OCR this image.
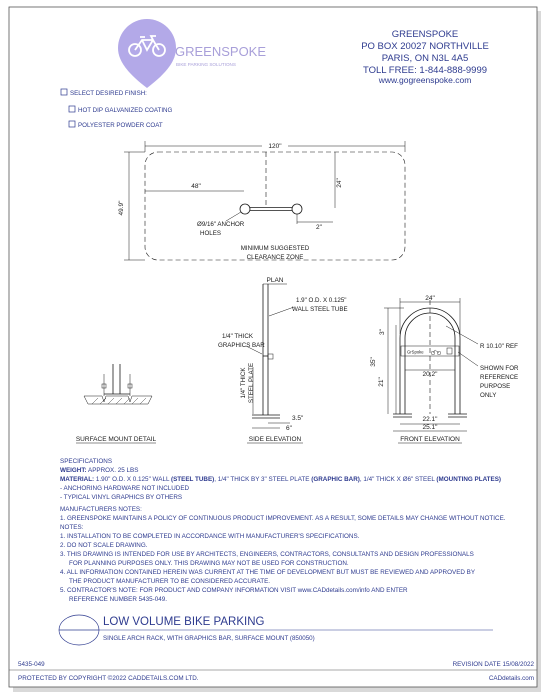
GREENSPOKE
BIKE PARKING SOLUTIONS
GREENSPOKE
PO BOX 20027 NORTHVILLE
PARIS, ON N3L 4A5
TOLL FREE: 1-844-888-9999
www.gogreenspoke.com
SELECT DESIRED FINISH:
HOT DIP GALVANIZED COATING
POLYESTER POWDER COAT
120"
49.9"
48"	24"
2"
Ø9/16" ANCHOR
HOLES
MINIMUM SUGGESTED
CLEARANCE ZONE
PLAN
SURFACE MOUNT DETAIL
1.9" O.D. X 0.125"
WALL STEEL TUBE
1/4" THICK
GRAPHICS BAR
1/4" THICK STEEL PLATE
3.5"
6"
SIDE ELEVATION
GrSpoke
24"
3"
35"
21"
20.2"
22.1"
25.1"
R 10.10" REF
SHOWN FOR
REFERENCE
PURPOSE
ONLY
FRONT ELEVATION
SPECIFICATIONS
WEIGHT: APPROX. 25 LBS
MATERIAL: 1.90" O.D. X 0.125" WALL (STEEL TUBE), 1/4" THICK BY 3" STEEL PLATE (GRAPHIC BAR), 1/4" THICK X Ø6" STEEL (MOUNTING PLATES)
- ANCHORING HARDWARE NOT INCLUDED
- TYPICAL VINYL GRAPHICS BY OTHERS
MANUFACTURERS NOTES:
1. GREENSPOKE MAINTAINS A POLICY OF CONTINUOUS PRODUCT IMPROVEMENT. AS A RESULT, SOME DETAILS MAY CHANGE WITHOUT NOTICE.
NOTES:
1. INSTALLATION TO BE COMPLETED IN ACCORDANCE WITH MANUFACTURER'S SPECIFICATIONS.
2. DO NOT SCALE DRAWING.
3. THIS DRAWING IS INTENDED FOR USE BY ARCHITECTS, ENGINEERS, CONTRACTORS, CONSULTANTS AND DESIGN PROFESSIONALS
FOR PLANNING PURPOSES ONLY. THIS DRAWING MAY NOT BE USED FOR CONSTRUCTION.
4. ALL INFORMATION CONTAINED HEREIN WAS CURRENT AT THE TIME OF DEVELOPMENT BUT MUST BE REVIEWED AND APPROVED BY
THE PRODUCT MANUFACTURER TO BE CONSIDERED ACCURATE.
5. CONTRACTOR'S NOTE: FOR PRODUCT AND COMPANY INFORMATION VISIT www.CADdetails.com/info AND ENTER
REFERENCE NUMBER 5435-049.
LOW VOLUME BIKE PARKING
SINGLE ARCH RACK, WITH GRAPHICS BAR, SURFACE MOUNT (850050)
5435-049	REVISION DATE 15/08/2022
PROTECTED BY COPYRIGHT ©2022 CADDETAILS.COM LTD.	CADdetails.com
